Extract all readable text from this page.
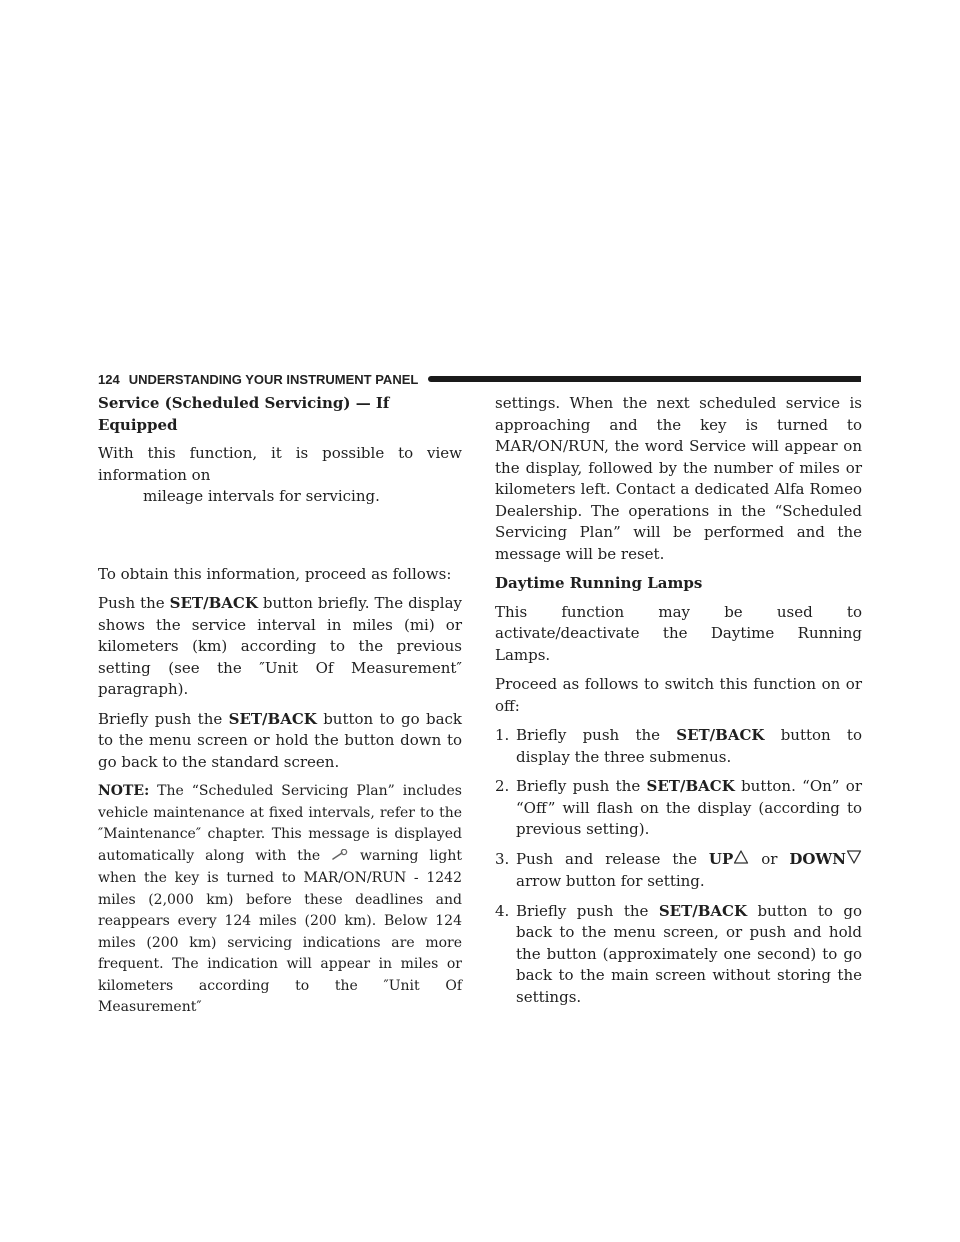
124 UNDERSTANDING YOUR INSTRUMENT PANEL
Service (Scheduled Servicing) — If Equipped

With this function, it is possible to view information on
mileage intervals for servicing.

To obtain this information, proceed as follows:

Push the SET/BACK button briefly. The display shows the service interval in miles (mi) or kilometers (km) according to the previous setting (see the ″Unit Of Measurement″ paragraph).

Briefly push the SET/BACK button to go back to the menu screen or hold the button down to go back to the standard screen.

NOTE: The “Scheduled Servicing Plan” includes vehicle maintenance at fixed intervals, refer to the ″Maintenance″ chapter. This message is displayed automatically along with the  warning light when the key is turned to MAR/ON/RUN - 1242 miles (2,000 km) before these deadlines and reappears every 124 miles (200 km). Below 124 miles (200 km) servicing indications are more frequent. The indication will appear in miles or kilometers according to the ″Unit Of Measurement″

settings. When the next scheduled service is approaching and the key is turned to MAR/ON/RUN, the word Service will appear on the display, followed by the number of miles or kilometers left. Contact a dedicated Alfa Romeo Dealership. The operations in the “Scheduled Servicing Plan” will be performed and the message will be reset.

Daytime Running Lamps

This function may be used to activate/deactivate the Daytime Running Lamps.

Proceed as follows to switch this function on or off:

1. Briefly push the SET/BACK button to display the three submenus.
2. Briefly push the SET/BACK button. “On” or “Off” will flash on the display (according to previous setting).
3. Push and release the UP or DOWN arrow button for setting.
4. Briefly push the SET/BACK button to go back to the menu screen, or push and hold the button (approximately one second) to go back to the main screen without storing the settings.
